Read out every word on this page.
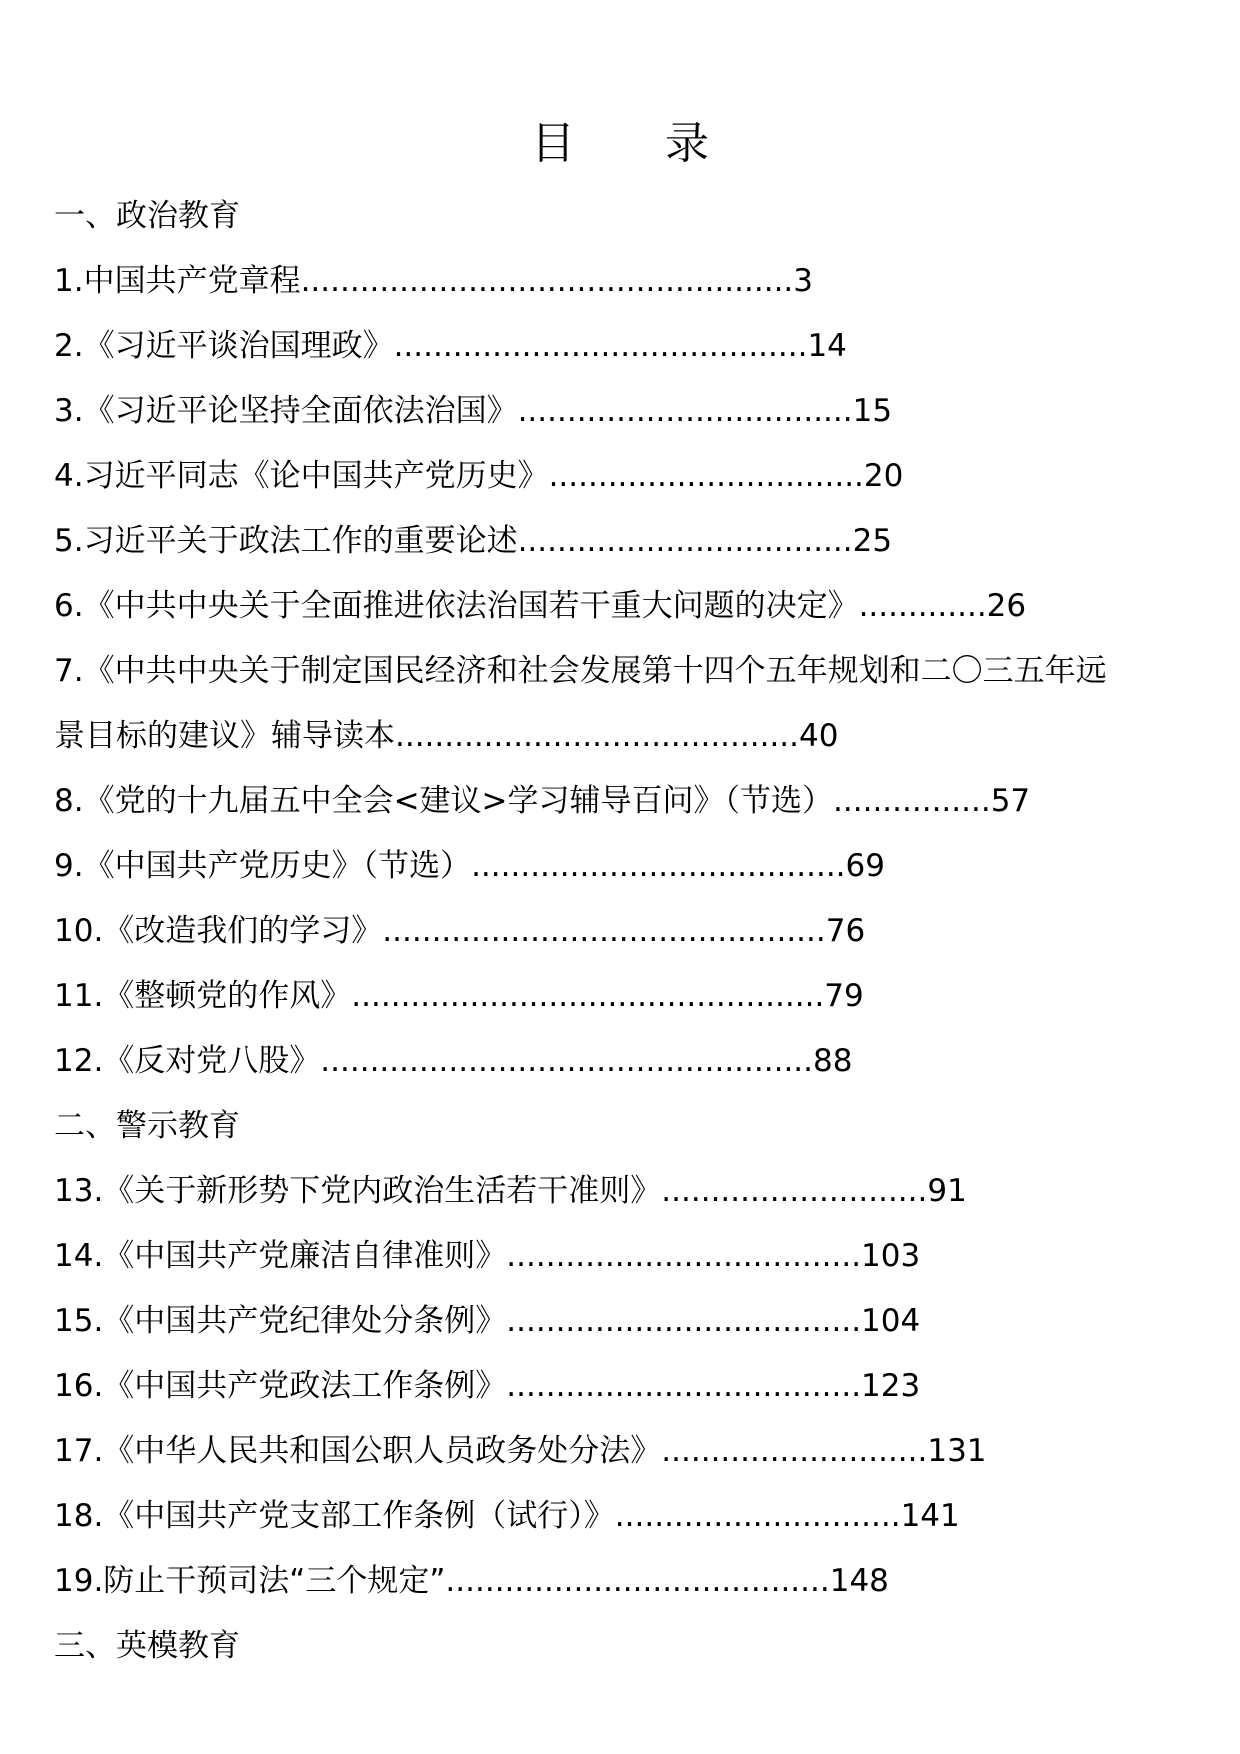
目 录
一、政治教育
1.中国共产党章程..................................................3
2.《习近平谈治国理政》..........................................14
3.《习近平论坚持全面依法治国》..................................15
4.习近平同志《论中国共产党历史》................................20
5.习近平关于政法工作的重要论述..................................25
6.《中共中央关于全面推进依法治国若干重大问题的决定》.............26
7.《中共中央关于制定国民经济和社会发展第十四个五年规划和二〇三五年远
景目标的建议》辅导读本.........................................40
8.《党的十九届五中全会<建议>学习辅导百问》（节选）................57
9.《中国共产党历史》（节选）......................................69
10.《改造我们的学习》.............................................76
11.《整顿党的作风》................................................79
12.《反对党八股》..................................................88
二、警示教育
13.《关于新形势下党内政治生活若干准则》...........................91
14.《中国共产党廉洁自律准则》....................................103
15.《中国共产党纪律处分条例》....................................104
16.《中国共产党政法工作条例》....................................123
17.《中华人民共和国公职人员政务处分法》...........................131
18.《中国共产党支部工作条例（试行）》.............................141
19.防止干预司法“三个规定”.......................................148
三、英模教育
